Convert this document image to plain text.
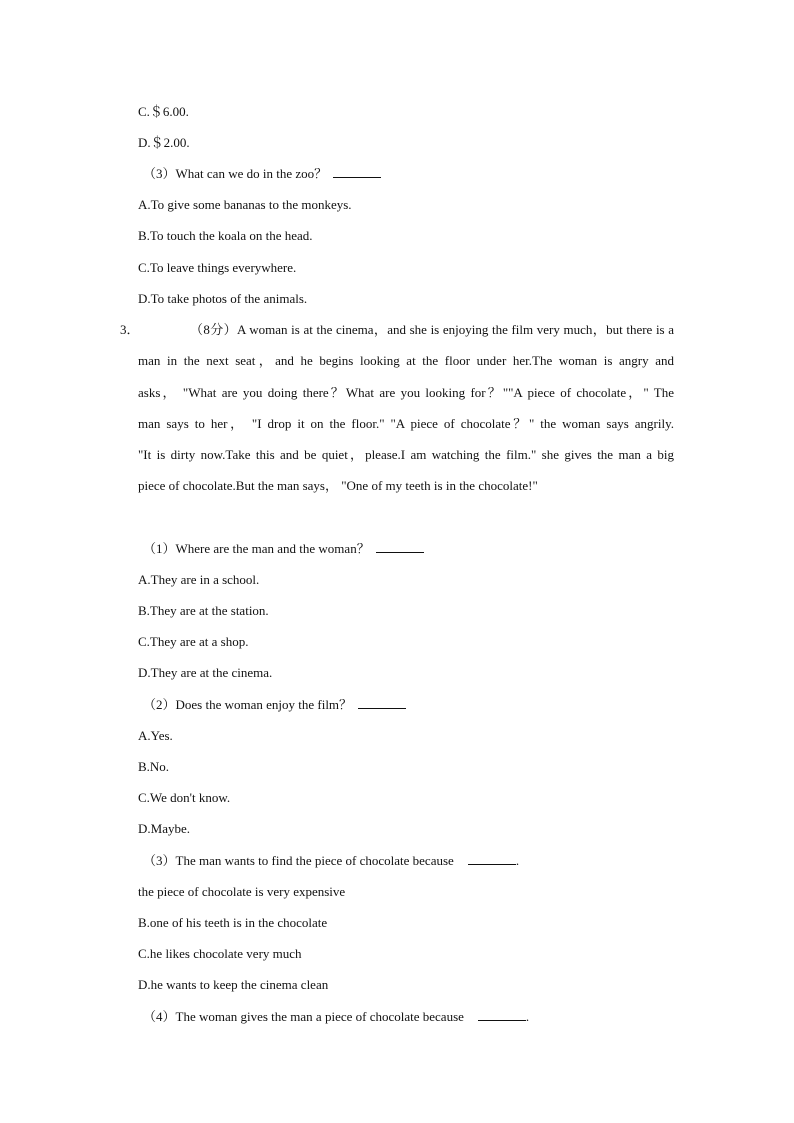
C.＄6.00.
D.＄2.00.
（3）What can we do in the zoo？
A.To give some bananas to the monkeys.
B.To touch the koala on the head.
C.To leave things everywhere.
D.To take photos of the animals.
3．	（8分）A woman is at the cinema，and she is enjoying the film very much，but there is a
man in the next seat，and he begins looking at the floor under her.The woman is angry and
asks， "What are you doing there？What are you looking for？""A piece of chocolate，" The
man says to her， "I drop it on the floor." "A piece of chocolate？" the woman says angrily.
"It is dirty now.Take this and be quiet，please.I am watching the film." she gives the man a big
piece of chocolate.But the man says， "One of my teeth is in the chocolate!"
（1）Where are the man and the woman？
A.They are in a school.
B.They are at the station.
C.They are at a shop.
D.They are at the cinema.
（2）Does the woman enjoy the film？
A.Yes.
B.No.
C.We don't know.
D.Maybe.
（3）The man wants to find the piece of chocolate because	.
the piece of chocolate is very expensive
B.one of his teeth is in the chocolate
C.he likes chocolate very much
D.he wants to keep the cinema clean
（4）The woman gives the man a piece of chocolate because	.
